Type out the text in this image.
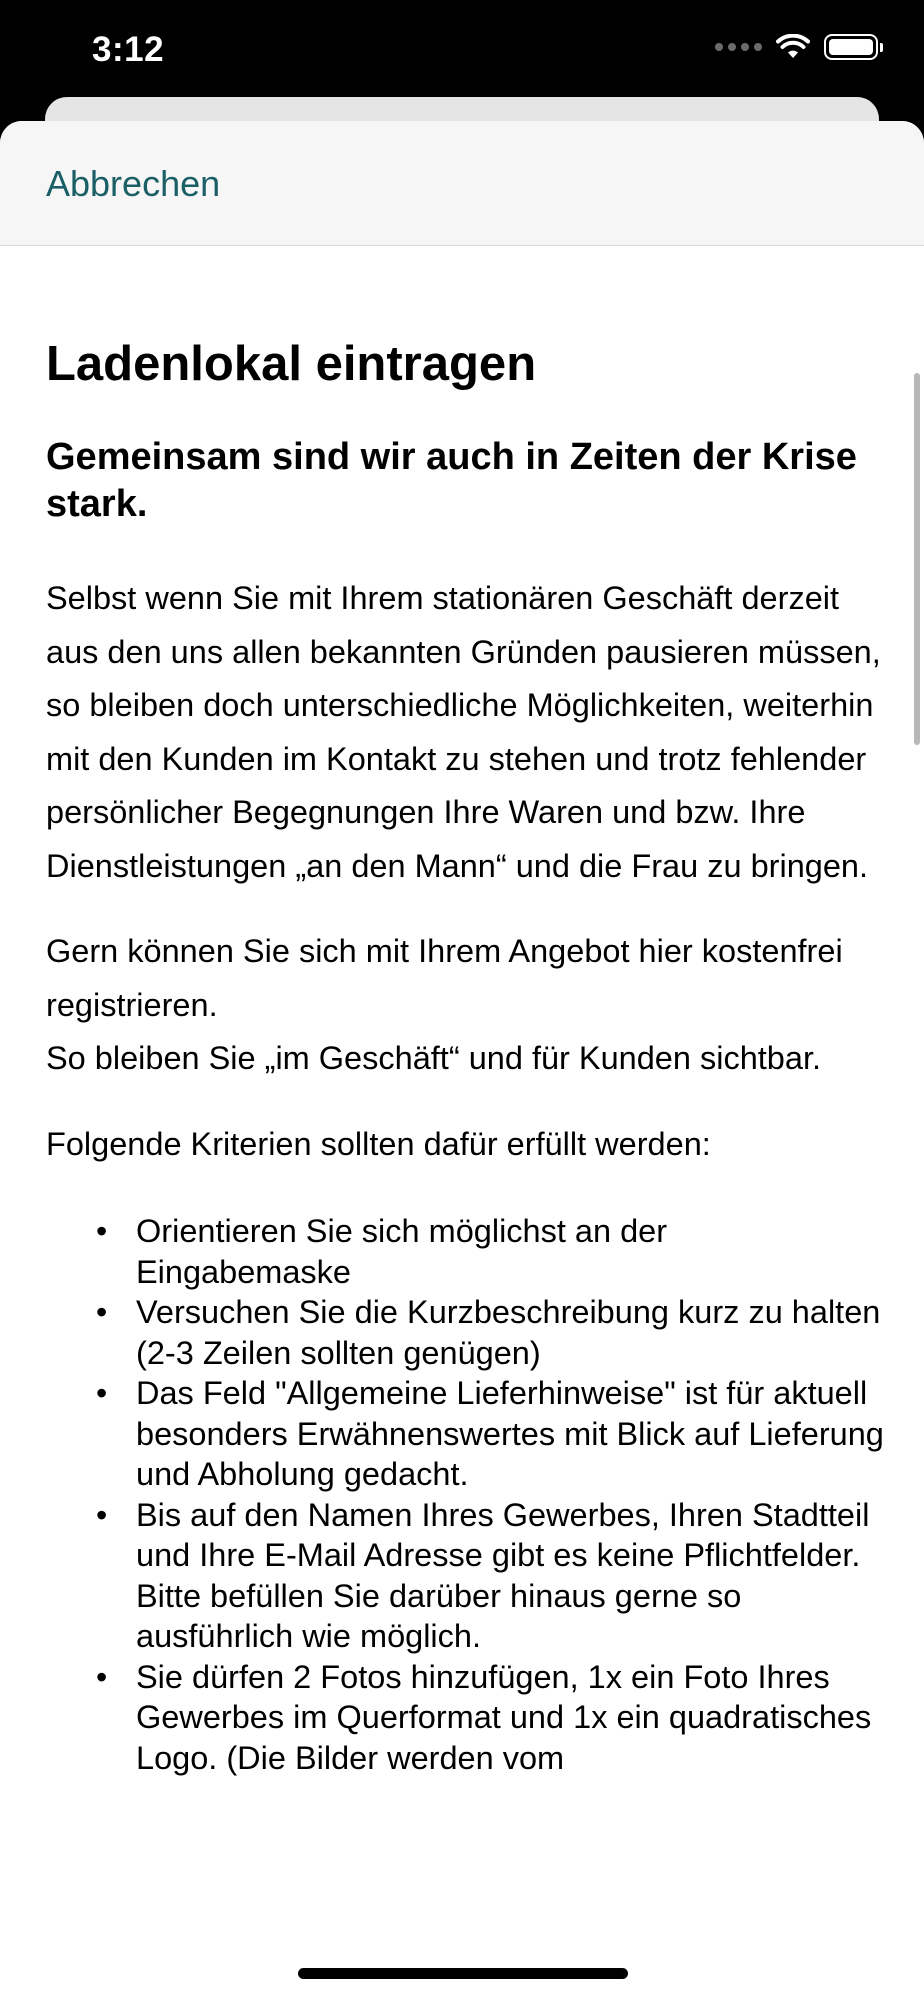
3:12
Abbrechen
Ladenlokal eintragen
Gemeinsam sind wir auch in Zeiten der Krise stark.

Selbst wenn Sie mit Ihrem stationären Geschäft derzeit aus den uns allen bekannten Gründen pausieren müssen, so bleiben doch unterschiedliche Möglichkeiten, weiterhin mit den Kunden im Kontakt zu stehen und trotz fehlender persönlicher Begegnungen Ihre Waren und bzw. Ihre Dienstleistungen „an den Mann“ und die Frau zu bringen.

Gern können Sie sich mit Ihrem Angebot hier kostenfrei registrieren.
So bleiben Sie „im Geschäft“ und für Kunden sichtbar.

Folgende Kriterien sollten dafür erfüllt werden:

• Orientieren Sie sich möglichst an der Eingabemaske
• Versuchen Sie die Kurzbeschreibung kurz zu halten (2-3 Zeilen sollten genügen)
• Das Feld "Allgemeine Lieferhinweise" ist für aktuell besonders Erwähnenswertes mit Blick auf Lieferung und Abholung gedacht.
• Bis auf den Namen Ihres Gewerbes, Ihren Stadtteil und Ihre E-Mail Adresse gibt es keine Pflichtfelder. Bitte befüllen Sie darüber hinaus gerne so ausführlich wie möglich.
• Sie dürfen 2 Fotos hinzufügen, 1x ein Foto Ihres Gewerbes im Querformat und 1x ein quadratisches Logo. (Die Bilder werden vom
